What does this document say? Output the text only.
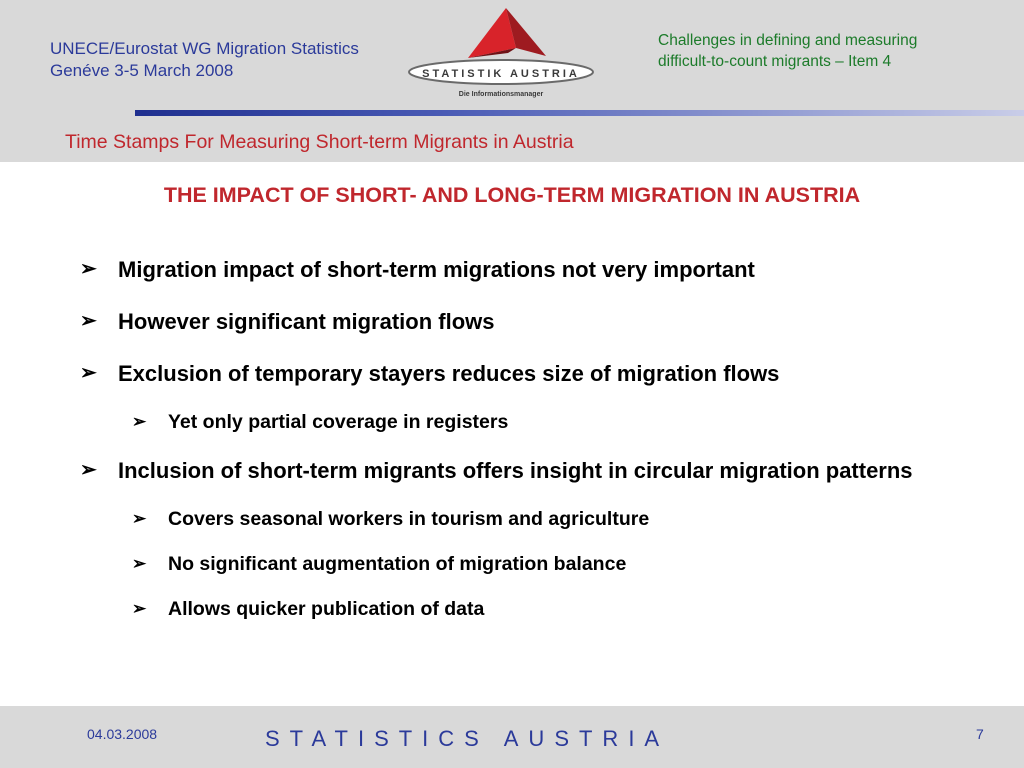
UNECE/Eurostat WG Migration Statistics
Genéve 3-5 March 2008	STATISTIK AUSTRIA
Die Informationsmanager
Challenges in defining and measuring
difficult-to-count migrants – Item 4
Time Stamps For Measuring Short-term Migrants in Austria
THE IMPACT OF SHORT- AND LONG-TERM MIGRATION IN AUSTRIA
➢ Migration impact of short-term migrations not very important
➢ However significant migration flows
➢ Exclusion of temporary stayers reduces size of migration flows
➢ Yet only partial coverage in registers
➢ Inclusion of short-term migrants offers insight in circular migration patterns
➢ Covers seasonal workers in tourism and agriculture
➢ No significant augmentation of migration balance
➢ Allows quicker publication of data
04.03.2008	STATISTICS AUSTRIA	7
